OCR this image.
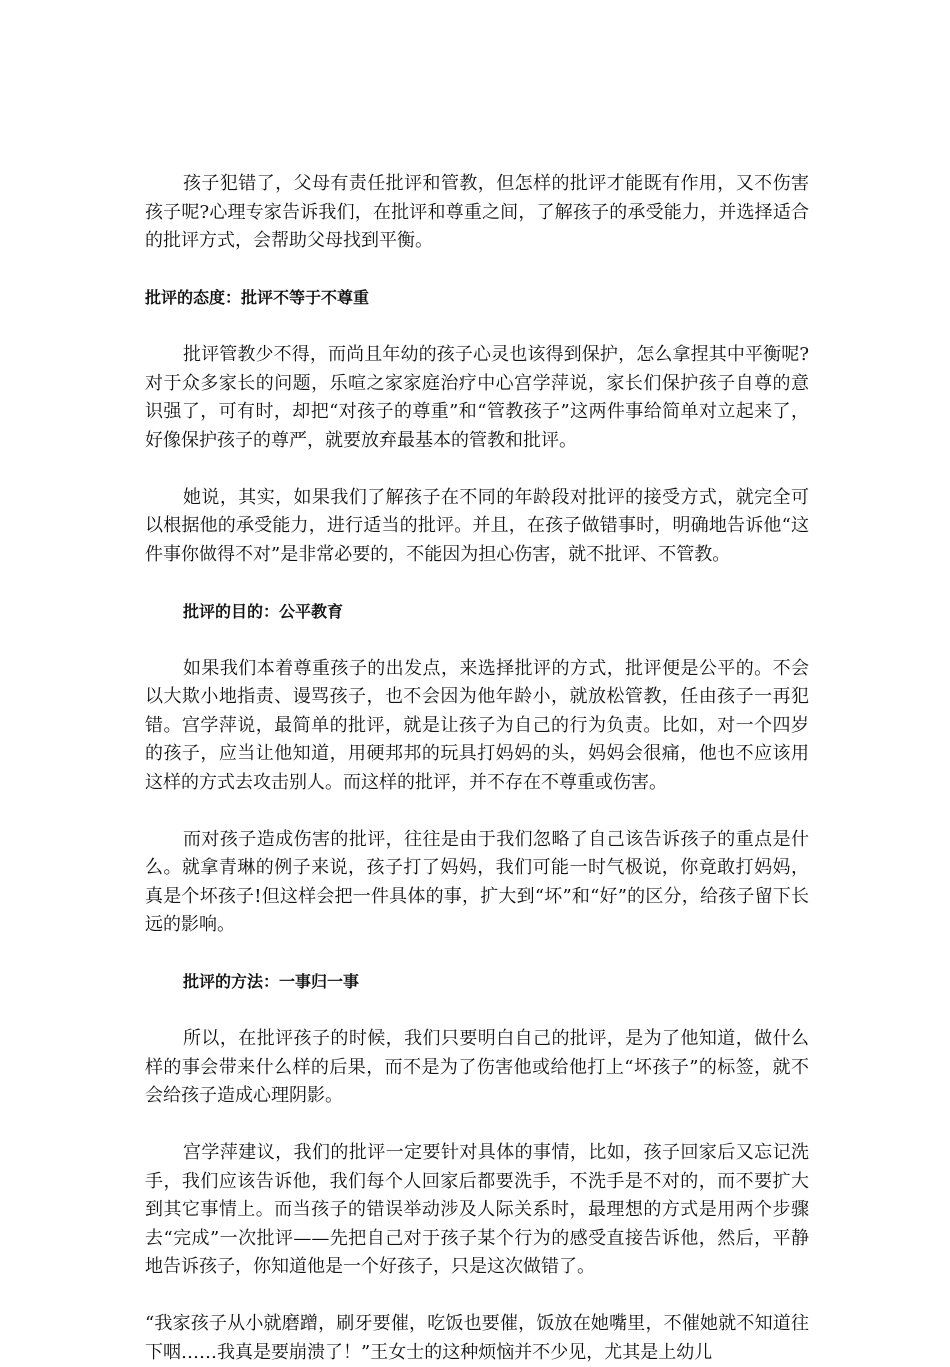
孩子犯错了，父母有责任批评和管教，但怎样的批评才能既有作用，又不伤害孩子呢?心理专家告诉我们，在批评和尊重之间，了解孩子的承受能力，并选择适合的批评方式，会帮助父母找到平衡。

批评的态度：批评不等于不尊重

批评管教少不得，而尚且年幼的孩子心灵也该得到保护，怎么拿捏其中平衡呢?对于众多家长的问题，乐喧之家家庭治疗中心宫学萍说，家长们保护孩子自尊的意识强了，可有时，却把“对孩子的尊重”和“管教孩子”这两件事给简单对立起来了，好像保护孩子的尊严，就要放弃最基本的管教和批评。

她说，其实，如果我们了解孩子在不同的年龄段对批评的接受方式，就完全可以根据他的承受能力，进行适当的批评。并且，在孩子做错事时，明确地告诉他“这件事你做得不对”是非常必要的，不能因为担心伤害，就不批评、不管教。

批评的目的：公平教育

如果我们本着尊重孩子的出发点，来选择批评的方式，批评便是公平的。不会以大欺小地指责、谩骂孩子，也不会因为他年龄小，就放松管教，任由孩子一再犯错。宫学萍说，最简单的批评，就是让孩子为自己的行为负责。比如，对一个四岁的孩子，应当让他知道，用硬邦邦的玩具打妈妈的头，妈妈会很痛，他也不应该用这样的方式去攻击别人。而这样的批评，并不存在不尊重或伤害。

而对孩子造成伤害的批评，往往是由于我们忽略了自己该告诉孩子的重点是什么。就拿青琳的例子来说，孩子打了妈妈，我们可能一时气极说，你竟敢打妈妈，真是个坏孩子!但这样会把一件具体的事，扩大到“坏”和“好”的区分，给孩子留下长远的影响。

批评的方法：一事归一事

所以，在批评孩子的时候，我们只要明白自己的批评，是为了他知道，做什么样的事会带来什么样的后果，而不是为了伤害他或给他打上“坏孩子”的标签，就不会给孩子造成心理阴影。

宫学萍建议，我们的批评一定要针对具体的事情，比如，孩子回家后又忘记洗手，我们应该告诉他，我们每个人回家后都要洗手，不洗手是不对的，而不要扩大到其它事情上。而当孩子的错误举动涉及人际关系时，最理想的方式是用两个步骤去“完成”一次批评——先把自己对于孩子某个行为的感受直接告诉他，然后，平静地告诉孩子，你知道他是一个好孩子，只是这次做错了。

“我家孩子从小就磨蹭，刷牙要催，吃饭也要催，饭放在她嘴里，不催她就不知道往下咽……我真是要崩溃了！”王女士的这种烦恼并不少见，尤其是上幼儿
